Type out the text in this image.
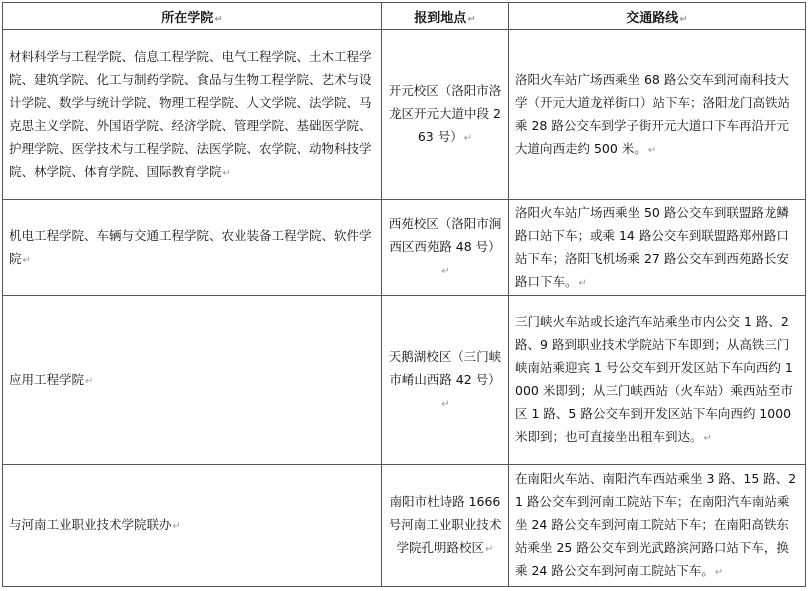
所在学院↵	报到地点↵	交通路线↵
材料科学与工程学院、信息工程学院、电气工程学院、土木工程学院、建筑学院、化工与制药学院、食品与生物工程学院、艺术与设计学院、数学与统计学院、物理工程学院、人文学院、法学院、马克思主义学院、外国语学院、经济学院、管理学院、基础医学院、护理学院、医学技术与工程学院、法医学院、农学院、动物科技学院、林学院、体育学院、国际教育学院↵	开元校区（洛阳市洛龙区开元大道中段 263 号）↵	洛阳火车站广场西乘坐 68 路公交车到河南科技大学（开元大道龙祥街口）站下车；洛阳龙门高铁站乘 28 路公交车到学子街开元大道口下车再沿开元大道向西走约 500 米。↵
机电工程学院、车辆与交通工程学院、农业装备工程学院、软件学院↵	西苑校区（洛阳市涧西区西苑路 48 号）↵	洛阳火车站广场西乘坐 50 路公交车到联盟路龙鳞路口站下车；或乘 14 路公交车到联盟路郑州路口站下车；洛阳飞机场乘 27 路公交车到西苑路长安路口下车。↵
应用工程学院↵	天鹅湖校区（三门峡市崤山西路 42 号）↵	三门峡火车站或长途汽车站乘坐市内公交 1 路、2 路、9 路到职业技术学院站下车即到；从高铁三门峡南站乘迎宾 1 号公交车到开发区站下车向西约 1000 米即到；从三门峡西站（火车站）乘西站至市区 1 路、5 路公交车到开发区站下车向西约 1000 米即到；也可直接坐出租车到达。↵
与河南工业职业技术学院联办↵	南阳市杜诗路 1666 号河南工业职业技术学院孔明路校区↵	在南阳火车站、南阳汽车西站乘坐 3 路、15 路、21 路公交车到河南工院站下车；在南阳汽车南站乘坐 24 路公交车到河南工院站下车；在南阳高铁东站乘坐 25 路公交车到光武路滨河路口站下车，换乘 24 路公交车到河南工院站下车。↵
